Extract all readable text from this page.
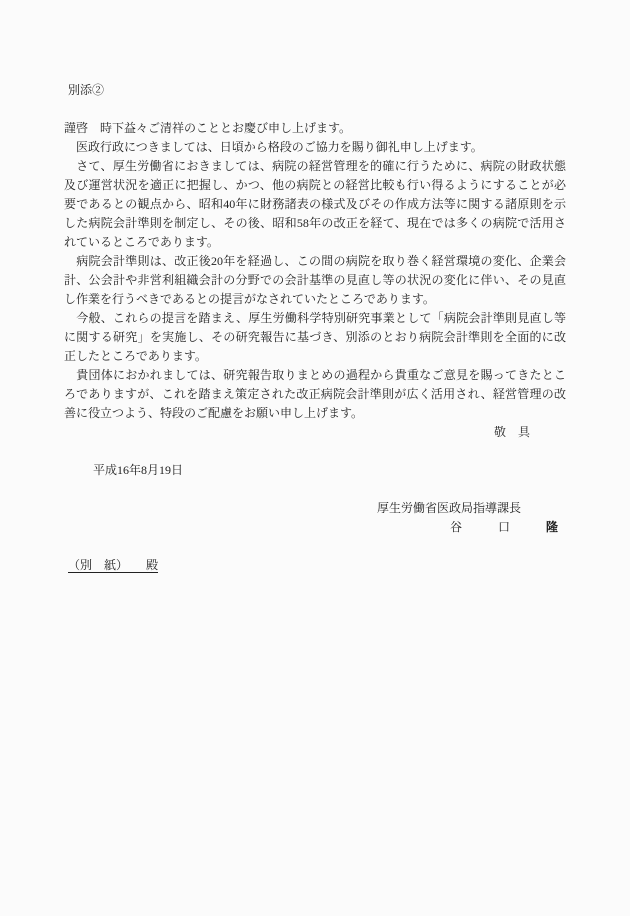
別添②
謹啓　時下益々ご清祥のこととお慶び申し上げます。
　医政行政につきましては、日頃から格段のご協力を賜り御礼申し上げます。
　さて、厚生労働省におきましては、病院の経営管理を的確に行うために、病院の財政状態
及び運営状況を適正に把握し、かつ、他の病院との経営比較も行い得るようにすることが必
要であるとの観点から、昭和40年に財務諸表の様式及びその作成方法等に関する諸原則を示
した病院会計準則を制定し、その後、昭和58年の改正を経て、現在では多くの病院で活用さ
れているところであります。
　病院会計準則は、改正後20年を経過し、この間の病院を取り巻く経営環境の変化、企業会
計、公会計や非営利組織会計の分野での会計基準の見直し等の状況の変化に伴い、その見直
し作業を行うべきであるとの提言がなされていたところであります。
　今般、これらの提言を踏まえ、厚生労働科学特別研究事業として「病院会計準則見直し等
に関する研究」を実施し、その研究報告に基づき、別添のとおり病院会計準則を全面的に改
正したところであります。
　貴団体におかれましては、研究報告取りまとめの過程から貴重なご意見を賜ってきたとこ
ろでありますが、これを踏まえ策定された改正病院会計準則が広く活用され、経営管理の改
善に役立つよう、特段のご配慮をお願い申し上げます。
敬　具
平成16年8月19日
厚生労働省医政局指導課長
谷　　　口　　　隆
（別　紙）　　殿
